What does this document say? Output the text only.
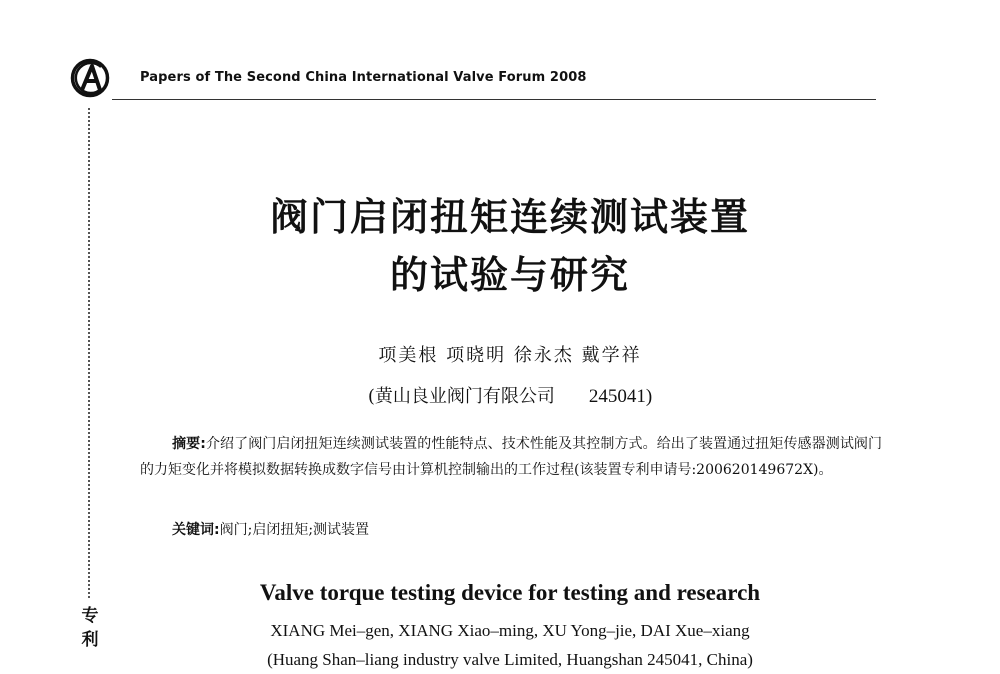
Papers of The Second China International Valve Forum 2008
专
利
阀门启闭扭矩连续测试装置
的试验与研究
项美根 项晓明 徐永杰 戴学祥
(黄山良业阀门有限公司 245041)
摘要:介绍了阀门启闭扭矩连续测试装置的性能特点、技术性能及其控制方式。给出了装置通过扭矩传感器测试阀门的力矩变化并将模拟数据转换成数字信号由计算机控制输出的工作过程(该装置专利申请号:200620149672X)。
关键词:阀门;启闭扭矩;测试装置
Valve torque testing device for testing and research
XIANG Mei–gen, XIANG Xiao–ming, XU Yong–jie, DAI Xue–xiang
(Huang Shan–liang industry valve Limited, Huangshan 245041, China)
